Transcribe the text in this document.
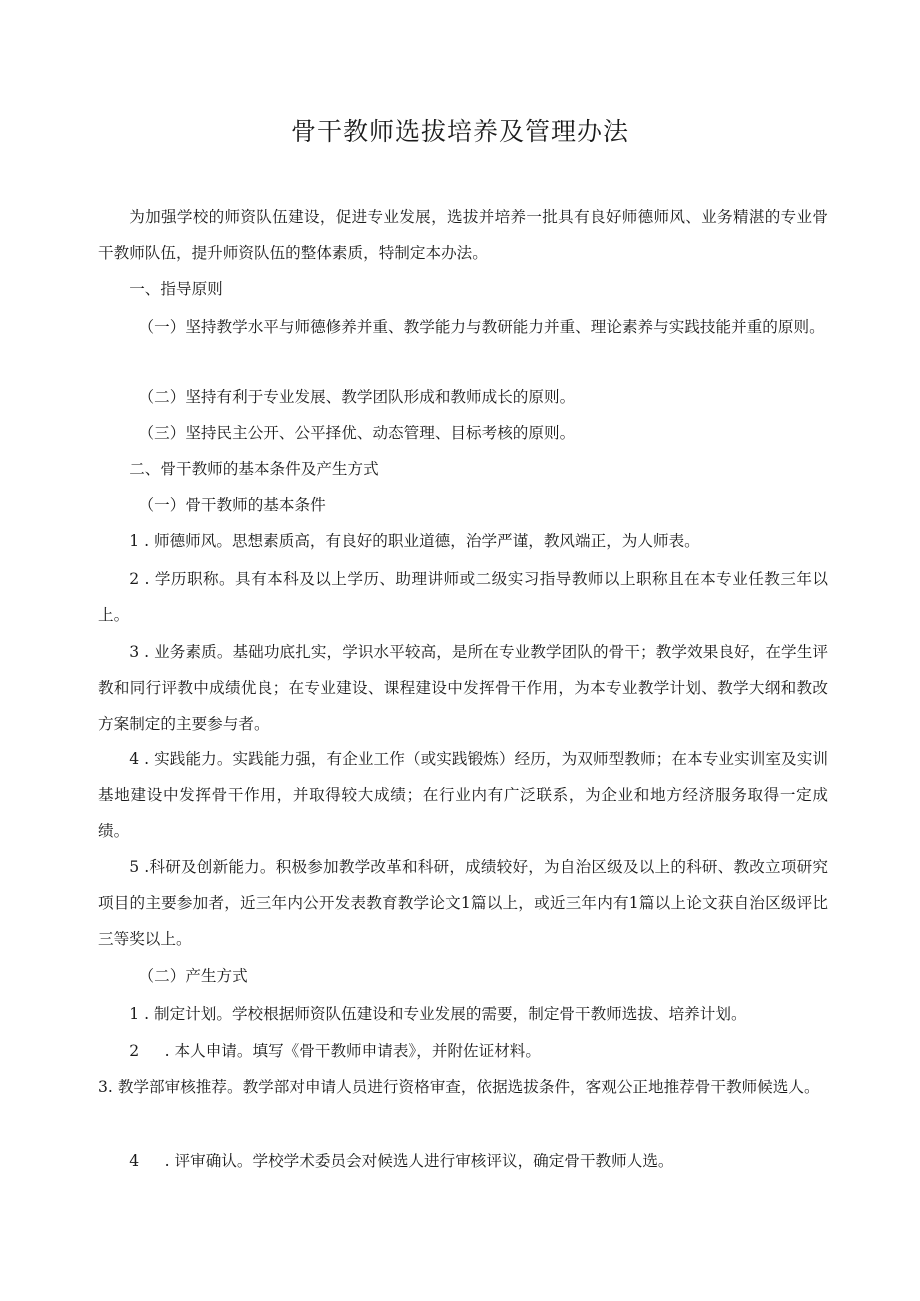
骨干教师选拔培养及管理办法

为加强学校的师资队伍建设，促进专业发展，选拔并培养一批具有良好师德师风、业务精湛的专业骨干教师队伍，提升师资队伍的整体素质，特制定本办法。

一、指导原则

（一）坚持教学水平与师德修养并重、教学能力与教研能力并重、理论素养与实践技能并重的原则。

（二）坚持有利于专业发展、教学团队形成和教师成长的原则。

（三）坚持民主公开、公平择优、动态管理、目标考核的原则。

二、骨干教师的基本条件及产生方式

（一）骨干教师的基本条件

1 . 师德师风。思想素质高，有良好的职业道德，治学严谨，教风端正，为人师表。

2 . 学历职称。具有本科及以上学历、助理讲师或二级实习指导教师以上职称且在本专业任教三年以上。

3 . 业务素质。基础功底扎实，学识水平较高，是所在专业教学团队的骨干；教学效果良好，在学生评教和同行评教中成绩优良；在专业建设、课程建设中发挥骨干作用，为本专业教学计划、教学大纲和教改方案制定的主要参与者。

4 . 实践能力。实践能力强，有企业工作（或实践锻炼）经历，为双师型教师；在本专业实训室及实训基地建设中发挥骨干作用，并取得较大成绩；在行业内有广泛联系，为企业和地方经济服务取得一定成绩。

5 .科研及创新能力。积极参加教学改革和科研，成绩较好，为自治区级及以上的科研、教改立项研究项目的主要参加者，近三年内公开发表教育教学论文1篇以上，或近三年内有1篇以上论文获自治区级评比三等奖以上。

（二）产生方式

1 . 制定计划。学校根据师资队伍建设和专业发展的需要，制定骨干教师选拔、培养计划。

2 　 . 本人申请。填写《骨干教师申请表》，并附佐证材料。

3. 教学部审核推荐。教学部对申请人员进行资格审查，依据选拔条件，客观公正地推荐骨干教师候选人。

4 　 . 评审确认。学校学术委员会对候选人进行审核评议，确定骨干教师人选。
